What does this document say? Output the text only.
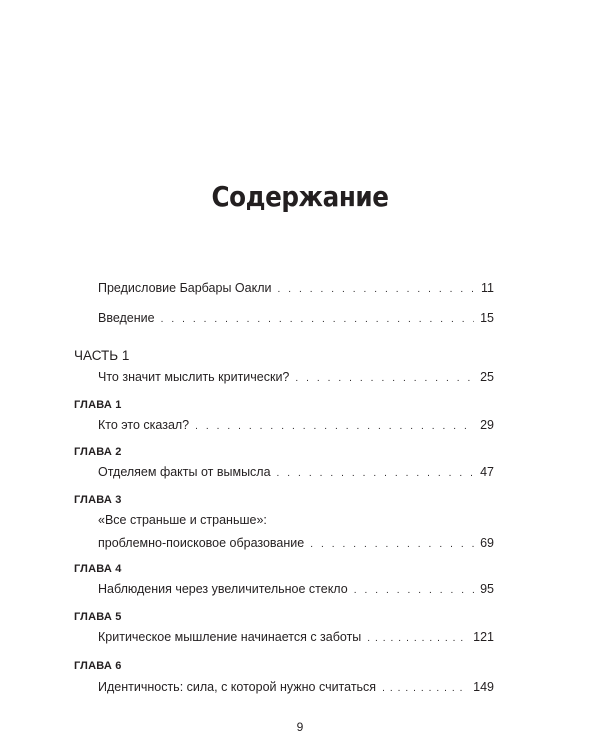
Содержание
Предисловие Барбары Оакли . . .	11
Введение . . .	15
ЧАСТЬ 1
Что значит мыслить критически? . . .	25
ГЛАВА 1
Кто это сказал? . . .	29
ГЛАВА 2
Отделяем факты от вымысла . . .	47
ГЛАВА 3
«Все страньше и страньше»:
проблемно-поисковое образование . . .	69
ГЛАВА 4
Наблюдения через увеличительное стекло . . .	95
ГЛАВА 5
Критическое мышление начинается с заботы . . .	121
ГЛАВА 6
Идентичность: сила, с которой нужно считаться . . .	149
9
